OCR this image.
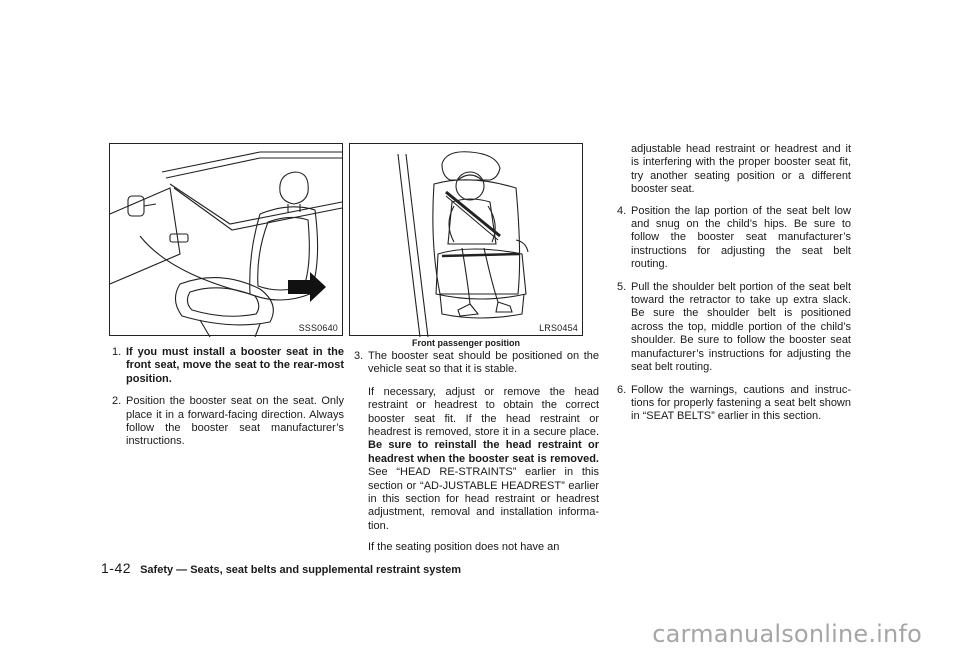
SSS0640	LRS0454
Front passenger position
1. If you must install a booster seat in the front seat, move the seat to the rear-most position.
2. Position the booster seat on the seat. Only place it in a forward-facing direction. Always follow the booster seat manufacturer’s instructions.
3. The booster seat should be positioned on the vehicle seat so that it is stable.
If necessary, adjust or remove the head restraint or headrest to obtain the correct booster seat fit. If the head restraint or headrest is removed, store it in a secure place. Be sure to reinstall the head restraint or headrest when the booster seat is removed. See “HEAD RE-STRAINTS” earlier in this section or “AD-JUSTABLE HEADREST” earlier in this section for head restraint or headrest adjustment, removal and installation informa-tion.
If the seating position does not have an
adjustable head restraint or headrest and it is interfering with the proper booster seat fit, try another seating position or a different booster seat.
4. Position the lap portion of the seat belt low and snug on the child’s hips. Be sure to follow the booster seat manufacturer’s instructions for adjusting the seat belt routing.
5. Pull the shoulder belt portion of the seat belt toward the retractor to take up extra slack. Be sure the shoulder belt is positioned across the top, middle portion of the child’s shoulder. Be sure to follow the booster seat manufacturer’s instructions for adjusting the seat belt routing.
6. Follow the warnings, cautions and instruc-tions for properly fastening a seat belt shown in “SEAT BELTS” earlier in this section.
1-42 Safety — Seats, seat belts and supplemental restraint system
carmanualsonline.info
